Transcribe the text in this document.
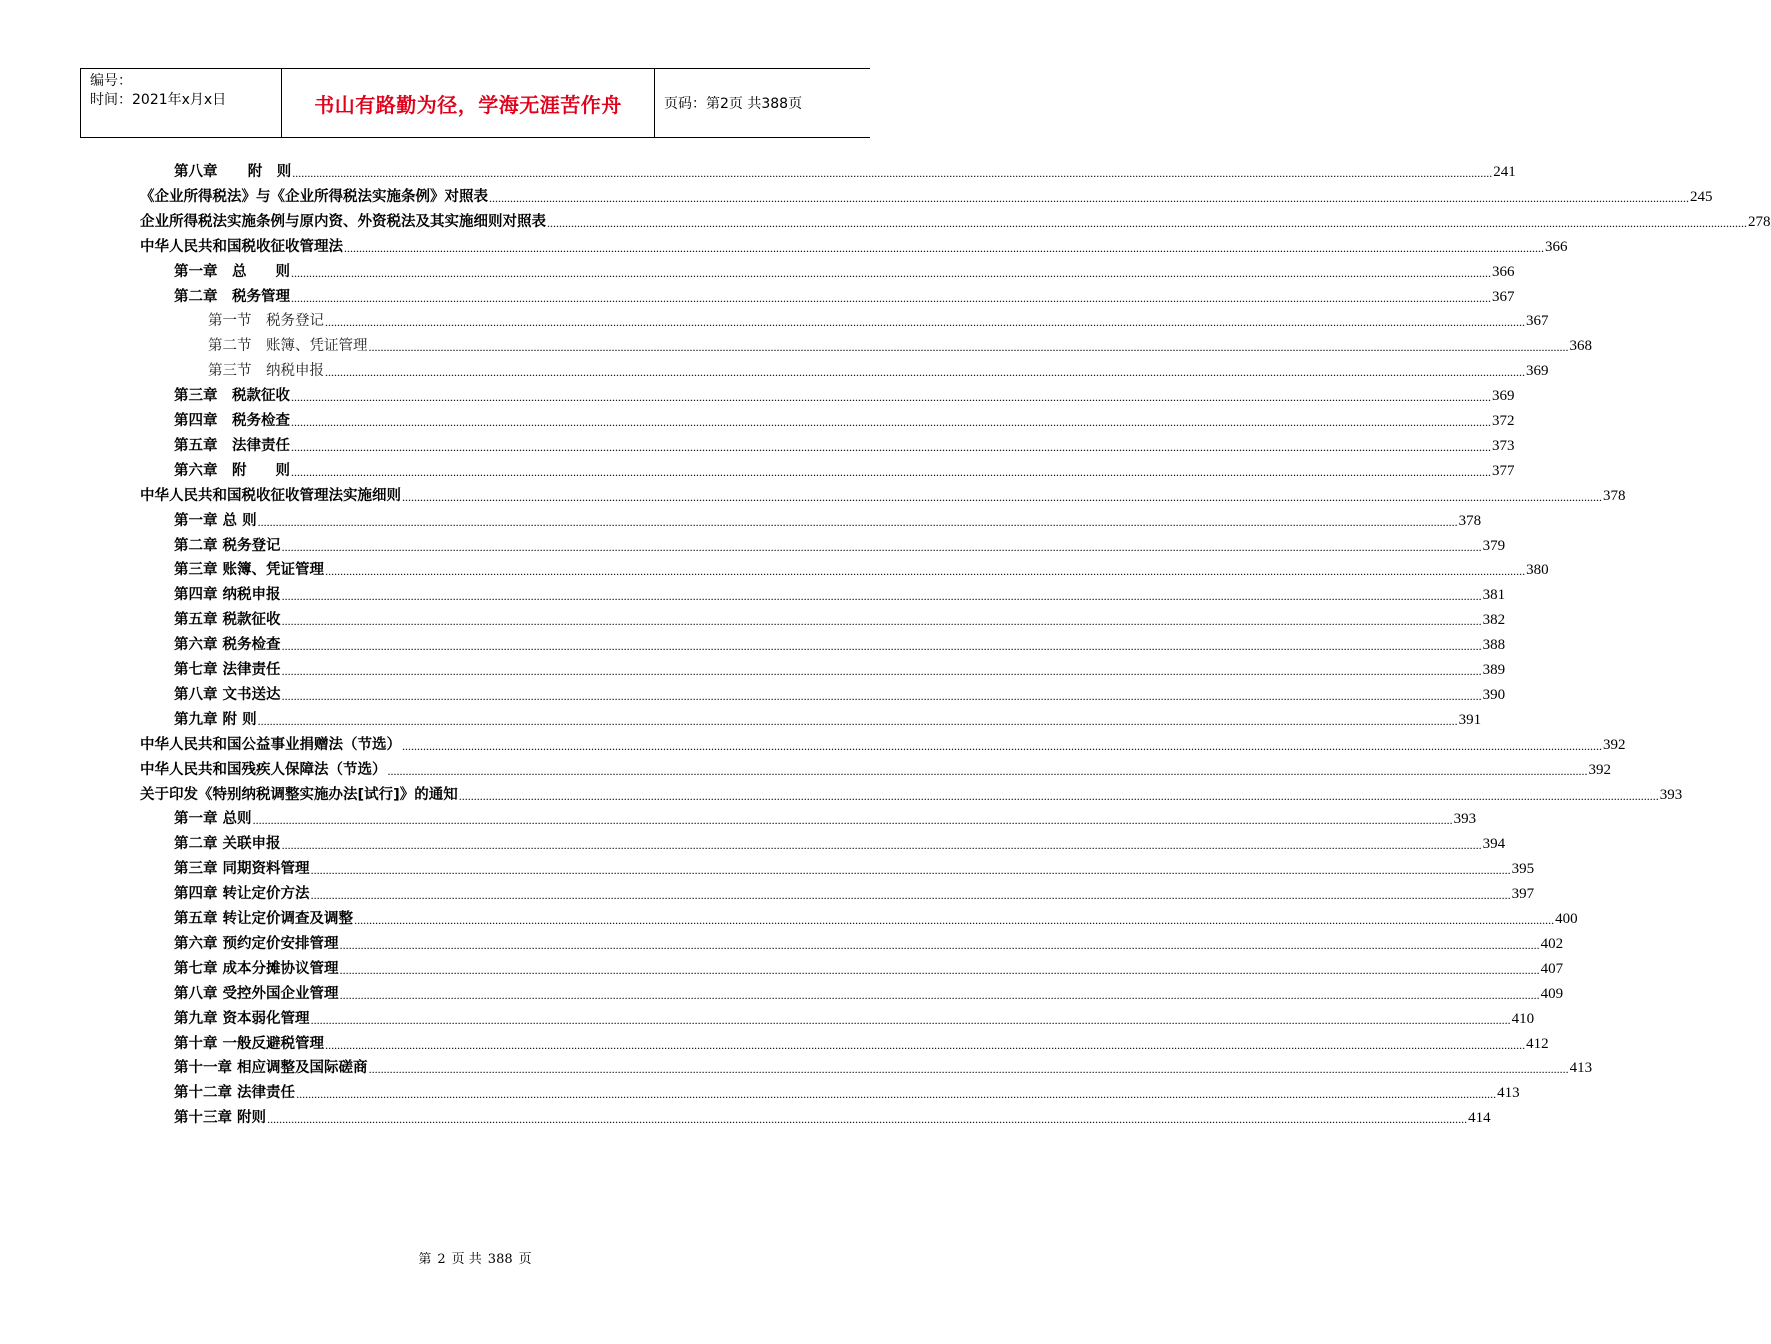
编号：
时间：2021年x月x日	书山有路勤为径，学海无涯苦作舟	页码：第2页 共388页
第八章      附　则 ................................................................................................................................................................................................................................................................................................................................................................................................................ 241
《企业所得税法》与《企业所得税法实施条例》对照表 ................................................................................................................................................................................................................................................................................................................................................................................................................ 245
企业所得税法实施条例与原内资、外资税法及其实施细则对照表 ................................................................................................................................................................................................................................................................................................................................................................................................................ 278
中华人民共和国税收征收管理法 ................................................................................................................................................................................................................................................................................................................................................................................................................ 366
第一章　总　　则 ................................................................................................................................................................................................................................................................................................................................................................................................................ 366
第二章　税务管理 ................................................................................................................................................................................................................................................................................................................................................................................................................ 367
第一节　税务登记 ................................................................................................................................................................................................................................................................................................................................................................................................................ 367
第二节　账簿、凭证管理 ................................................................................................................................................................................................................................................................................................................................................................................................................ 368
第三节　纳税申报 ................................................................................................................................................................................................................................................................................................................................................................................................................ 369
第三章　税款征收 ................................................................................................................................................................................................................................................................................................................................................................................................................ 369
第四章　税务检查 ................................................................................................................................................................................................................................................................................................................................................................................................................ 372
第五章　法律责任 ................................................................................................................................................................................................................................................................................................................................................................................................................ 373
第六章　附　　则 ................................................................................................................................................................................................................................................................................................................................................................................................................ 377
中华人民共和国税收征收管理法实施细则 ................................................................................................................................................................................................................................................................................................................................................................................................................ 378
第一章 总 则 ................................................................................................................................................................................................................................................................................................................................................................................................................ 378
第二章 税务登记 ................................................................................................................................................................................................................................................................................................................................................................................................................ 379
第三章 账簿、凭证管理 ................................................................................................................................................................................................................................................................................................................................................................................................................ 380
第四章 纳税申报 ................................................................................................................................................................................................................................................................................................................................................................................................................ 381
第五章 税款征收 ................................................................................................................................................................................................................................................................................................................................................................................................................ 382
第六章 税务检查 ................................................................................................................................................................................................................................................................................................................................................................................................................ 388
第七章 法律责任 ................................................................................................................................................................................................................................................................................................................................................................................................................ 389
第八章 文书送达 ................................................................................................................................................................................................................................................................................................................................................................................................................ 390
第九章 附 则 ................................................................................................................................................................................................................................................................................................................................................................................................................ 391
中华人民共和国公益事业捐赠法（节选） ................................................................................................................................................................................................................................................................................................................................................................................................................ 392
中华人民共和国残疾人保障法（节选） ................................................................................................................................................................................................................................................................................................................................................................................................................ 392
关于印发《特别纳税调整实施办法[试行]》的通知 ................................................................................................................................................................................................................................................................................................................................................................................................................ 393
第一章 总则 ................................................................................................................................................................................................................................................................................................................................................................................................................ 393
第二章 关联申报 ................................................................................................................................................................................................................................................................................................................................................................................................................ 394
第三章 同期资料管理 ................................................................................................................................................................................................................................................................................................................................................................................................................ 395
第四章 转让定价方法 ................................................................................................................................................................................................................................................................................................................................................................................................................ 397
第五章 转让定价调查及调整 ................................................................................................................................................................................................................................................................................................................................................................................................................ 400
第六章 预约定价安排管理 ................................................................................................................................................................................................................................................................................................................................................................................................................ 402
第七章 成本分摊协议管理 ................................................................................................................................................................................................................................................................................................................................................................................................................ 407
第八章 受控外国企业管理 ................................................................................................................................................................................................................................................................................................................................................................................................................ 409
第九章 资本弱化管理 ................................................................................................................................................................................................................................................................................................................................................................................................................ 410
第十章 一般反避税管理 ................................................................................................................................................................................................................................................................................................................................................................................................................ 412
第十一章 相应调整及国际磋商 ................................................................................................................................................................................................................................................................................................................................................................................................................ 413
第十二章 法律责任 ................................................................................................................................................................................................................................................................................................................................................................................................................ 413
第十三章 附则 ................................................................................................................................................................................................................................................................................................................................................................................................................ 414
第 2 页 共 388 页
